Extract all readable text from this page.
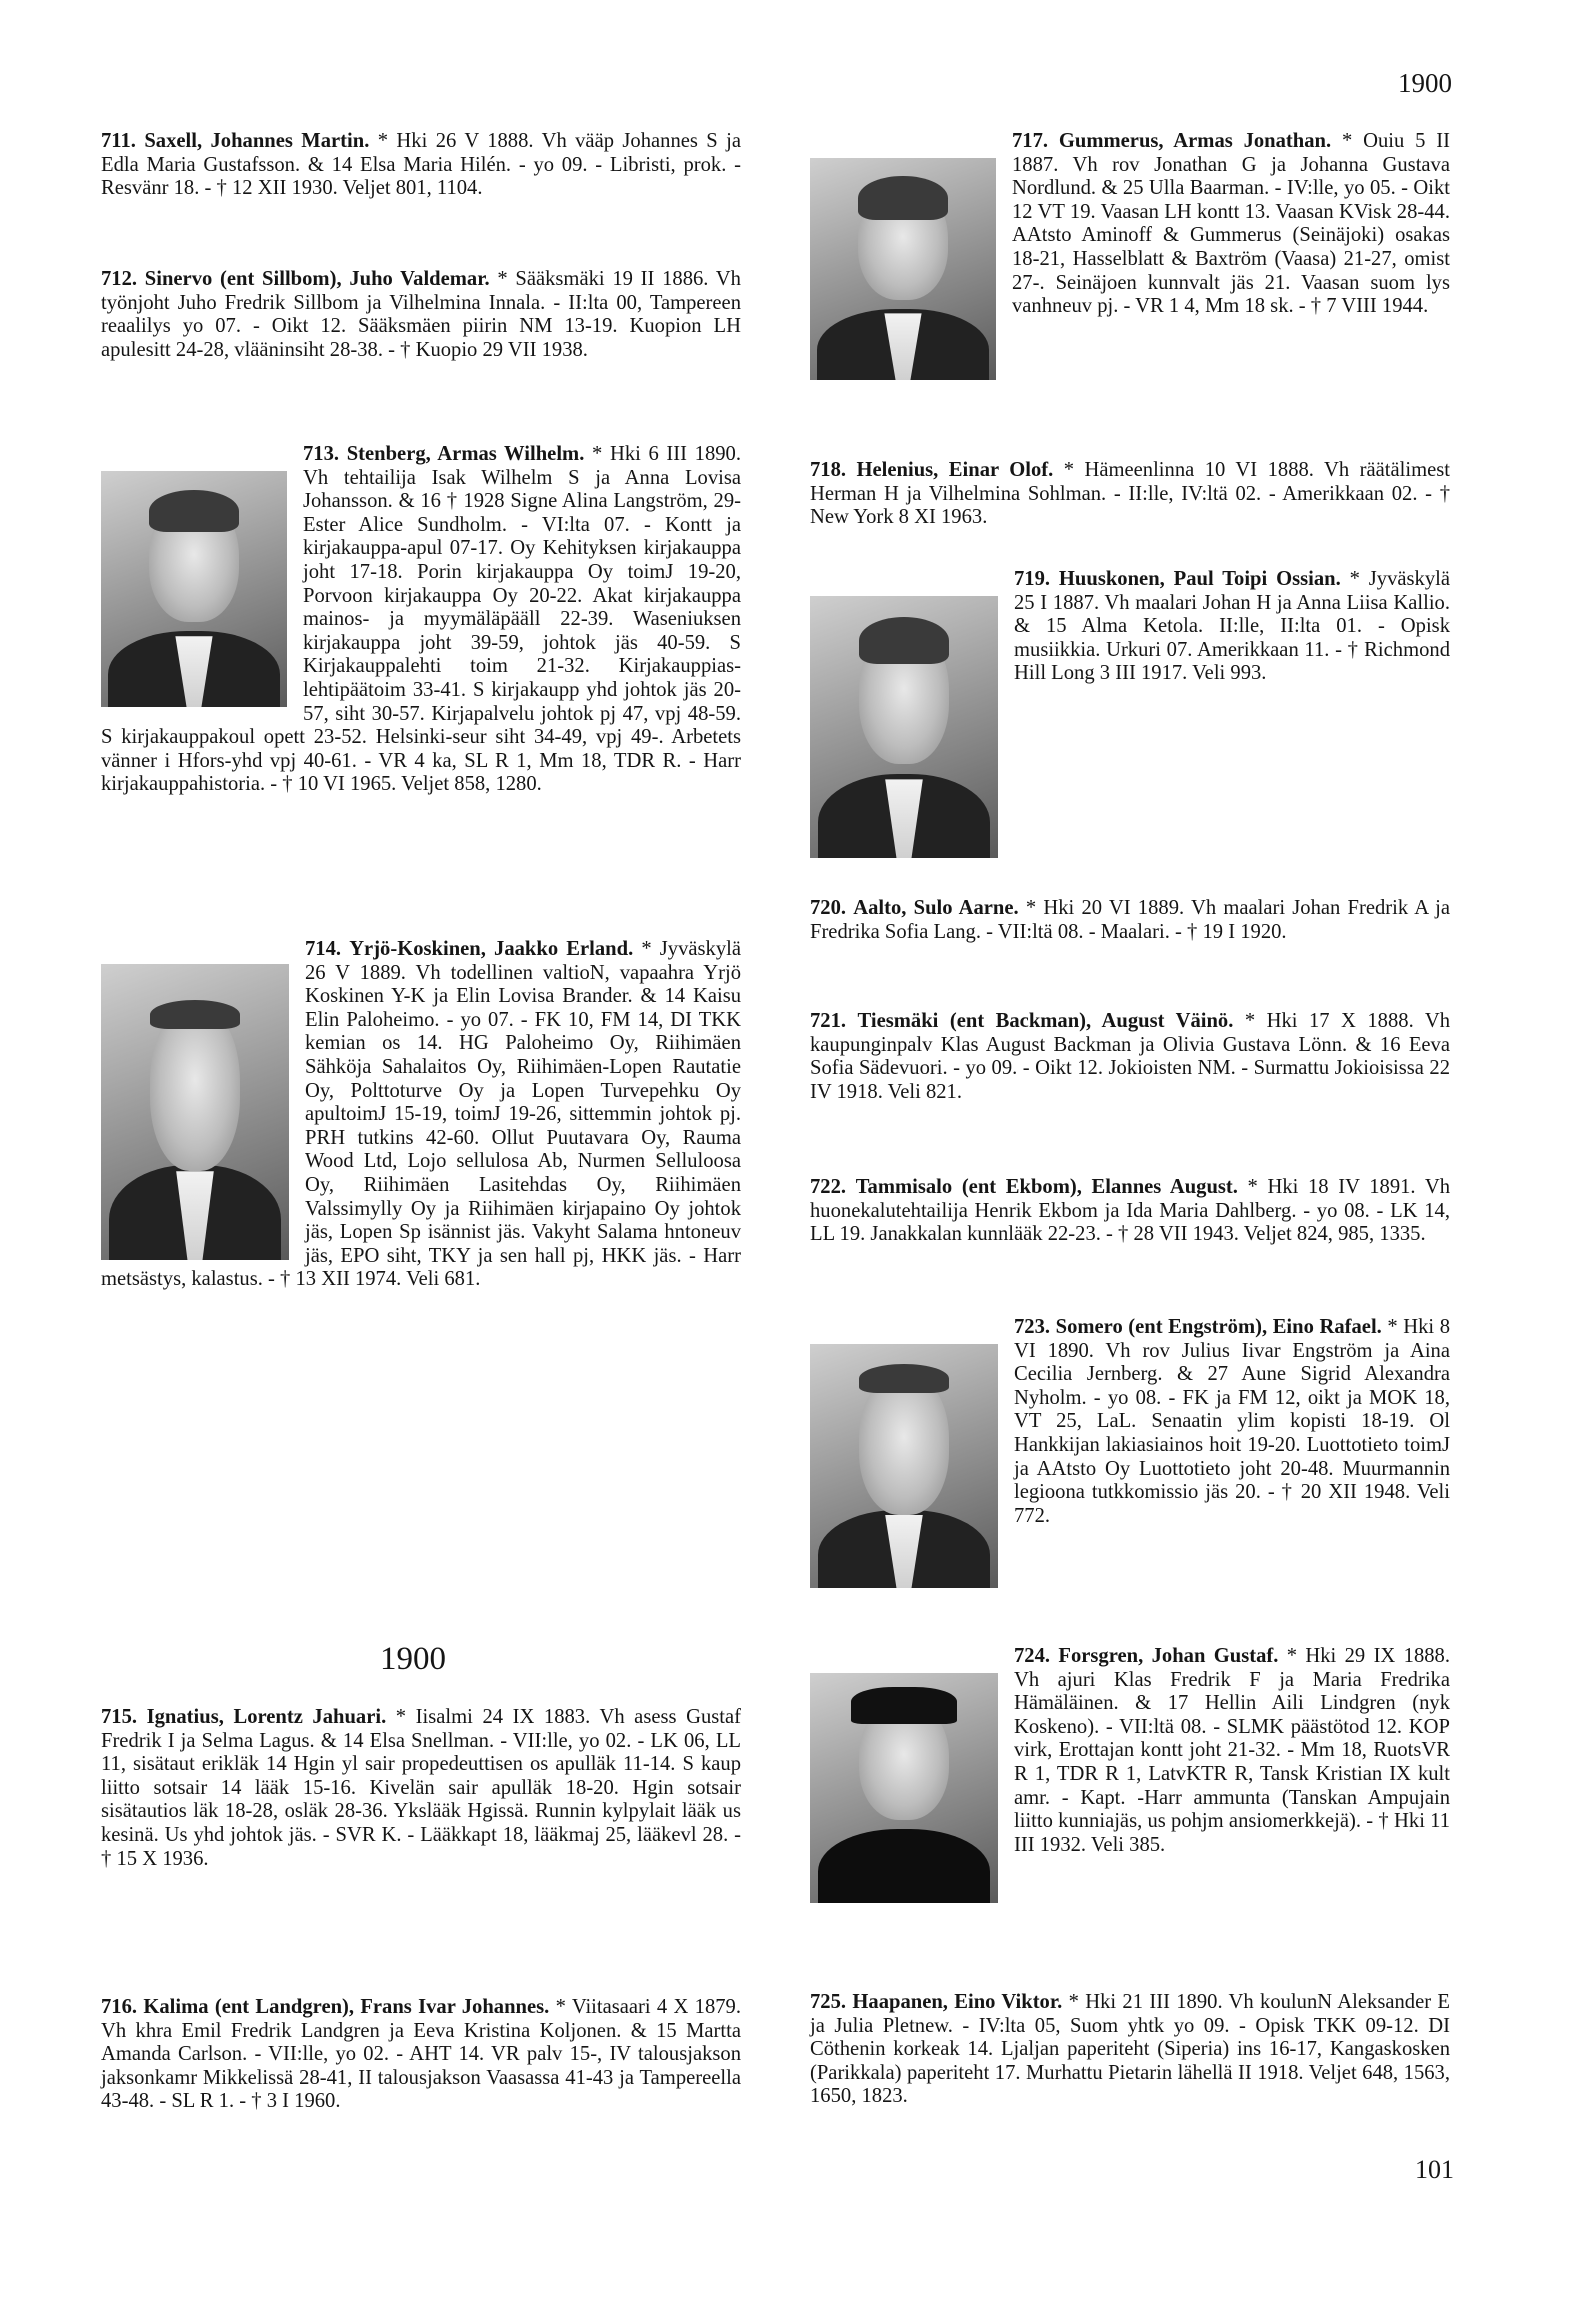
1900
711. Saxell, Johannes Martin. * Hki 26 V 1888. Vh vääp Johannes S ja Edla Maria Gustafsson. & 14 Elsa Maria Hilén. - yo 09. - Libristi, prok. - Resvänr 18. - † 12 XII 1930. Veljet 801, 1104.
712. Sinervo (ent Sillbom), Juho Valdemar. * Sääksmäki 19 II 1886. Vh työnjoht Juho Fredrik Sillbom ja Vilhelmina Innala. - II:lta 00, Tampereen reaalilys yo 07. - Oikt 12. Sääksmäen piirin NM 13-19. Kuopion LH apulesitt 24-28, vlääninsiht 28-38. - † Kuopio 29 VII 1938.
713. Stenberg, Armas Wilhelm. * Hki 6 III 1890. Vh tehtailija Isak Wilhelm S ja Anna Lovisa Johansson. & 16 † 1928 Signe Alina Langström, 29- Ester Alice Sundholm. - VI:lta 07. - Kontt ja kirjakauppa-apul 07-17. Oy Kehityksen kirjakauppa joht 17-18. Porin kirjakauppa Oy toimJ 19-20, Porvoon kirjakauppa Oy 20-22. Akat kirjakauppa mainos- ja myymäläpääll 22-39. Waseniuksen kirjakauppa joht 39-59, johtok jäs 40-59. S Kirjakauppalehti toim 21-32. Kirjakauppias-lehtipäätoim 33-41. S kirjakaupp yhd johtok jäs 20-57, siht 30-57. Kirjapalvelu johtok pj 47, vpj 48-59. S kirjakauppakoul opett 23-52. Helsinki-seur siht 34-49, vpj 49-. Arbetets vänner i Hfors-yhd vpj 40-61. - VR 4 ka, SL R 1, Mm 18, TDR R. - Harr kirjakauppahistoria. - † 10 VI 1965. Veljet 858, 1280.
714. Yrjö-Koskinen, Jaakko Erland. * Jyväskylä 26 V 1889. Vh todellinen valtioN, vapaahra Yrjö Koskinen Y-K ja Elin Lovisa Brander. & 14 Kaisu Elin Paloheimo. - yo 07. - FK 10, FM 14, DI TKK kemian os 14. HG Paloheimo Oy, Riihimäen Sähköja Sahalaitos Oy, Riihimäen-Lopen Rautatie Oy, Polttoturve Oy ja Lopen Turvepehku Oy apultoimJ 15-19, toimJ 19-26, sittemmin johtok pj. PRH tutkins 42-60. Ollut Puutavara Oy, Rauma Wood Ltd, Lojo sellulosa Ab, Nurmen Selluloosa Oy, Riihimäen Lasitehdas Oy, Riihimäen Valssimylly Oy ja Riihimäen kirjapaino Oy johtok jäs, Lopen Sp isännist jäs. Vakyht Salama hntoneuv jäs, EPO siht, TKY ja sen hall pj, HKK jäs. - Harr metsästys, kalastus. - † 13 XII 1974. Veli 681.
715. Ignatius, Lorentz Jahuari. * Iisalmi 24 IX 1883. Vh asess Gustaf Fredrik I ja Selma Lagus. & 14 Elsa Snellman. - VII:lle, yo 02. - LK 06, LL 11, sisätaut erikläk 14 Hgin yl sair propedeuttisen os apulläk 11-14. S kaup liitto sotsair 14 lääk 15-16. Kivelän sair apulläk 18-20. Hgin sotsair sisätautios läk 18-28, osläk 28-36. Ykslääk Hgissä. Runnin kylpylait lääk us kesinä. Us yhd johtok jäs. - SVR K. - Lääkkapt 18, lääkmaj 25, lääkevl 28. - † 15 X 1936.
716. Kalima (ent Landgren), Frans Ivar Johannes. * Viitasaari 4 X 1879. Vh khra Emil Fredrik Landgren ja Eeva Kristina Koljonen. & 15 Martta Amanda Carlson. - VII:lle, yo 02. - AHT 14. VR palv 15-, IV talousjakson jaksonkamr Mikkelissä 28-41, II talousjakson Vaasassa 41-43 ja Tampereella 43-48. - SL R 1. - † 3 I 1960.
1900
717. Gummerus, Armas Jonathan. * Ouiu 5 II 1887. Vh rov Jonathan G ja Johanna Gustava Nordlund. & 25 Ulla Baarman. - IV:lle, yo 05. - Oikt 12 VT 19. Vaasan LH kontt 13. Vaasan KVisk 28-44. AAtsto Aminoff & Gummerus (Seinäjoki) osakas 18-21, Hasselblatt & Baxtröm (Vaasa) 21-27, omist 27-. Seinäjoen kunnvalt jäs 21. Vaasan suom lys vanhneuv pj. - VR 1 4, Mm 18 sk. - † 7 VIII 1944.
718. Helenius, Einar Olof. * Hämeenlinna 10 VI 1888. Vh räätälimest Herman H ja Vilhelmina Sohlman. - II:lle, IV:ltä 02. - Amerikkaan 02. - † New York 8 XI 1963.
719. Huuskonen, Paul Toipi Ossian. * Jyväskylä 25 I 1887. Vh maalari Johan H ja Anna Liisa Kallio. & 15 Alma Ketola. II:lle, II:lta 01. - Opisk musiikkia. Urkuri 07. Amerikkaan 11. - † Richmond Hill Long 3 III 1917. Veli 993.
720. Aalto, Sulo Aarne. * Hki 20 VI 1889. Vh maalari Johan Fredrik A ja Fredrika Sofia Lang. - VII:ltä 08. - Maalari. - † 19 I 1920.
721. Tiesmäki (ent Backman), August Väinö. * Hki 17 X 1888. Vh kaupunginpalv Klas August Backman ja Olivia Gustava Lönn. & 16 Eeva Sofia Sädevuori. - yo 09. - Oikt 12. Jokioisten NM. - Surmattu Jokioisissa 22 IV 1918. Veli 821.
722. Tammisalo (ent Ekbom), Elannes August. * Hki 18 IV 1891. Vh huonekalutehtailija Henrik Ekbom ja Ida Maria Dahlberg. - yo 08. - LK 14, LL 19. Janakkalan kunnlääk 22-23. - † 28 VII 1943. Veljet 824, 985, 1335.
723. Somero (ent Engström), Eino Rafael. * Hki 8 VI 1890. Vh rov Julius Iivar Engström ja Aina Cecilia Jernberg. & 27 Aune Sigrid Alexandra Nyholm. - yo 08. - FK ja FM 12, oikt ja MOK 18, VT 25, LaL. Senaatin ylim kopisti 18-19. Ol Hankkijan lakiasiainos hoit 19-20. Luottotieto toimJ ja AAtsto Oy Luottotieto joht 20-48. Muurmannin legioona tutkkomissio jäs 20. - † 20 XII 1948. Veli 772.
724. Forsgren, Johan Gustaf. * Hki 29 IX 1888. Vh ajuri Klas Fredrik F ja Maria Fredrika Hämäläinen. & 17 Hellin Aili Lindgren (nyk Koskeno). - VII:ltä 08. - SLMK päästötod 12. KOP virk, Erottajan kontt joht 21-32. - Mm 18, RuotsVR R 1, TDR R 1, LatvKTR R, Tansk Kristian IX kult amr. - Kapt. -Harr ammunta (Tanskan Ampujain liitto kunniajäs, us pohjm ansiomerkkejä). - † Hki 11 III 1932. Veli 385.
725. Haapanen, Eino Viktor. * Hki 21 III 1890. Vh koulunN Aleksander E ja Julia Pletnew. - IV:lta 05, Suom yhtk yo 09. - Opisk TKK 09-12. DI Cöthenin korkeak 14. Ljaljan paperiteht (Siperia) ins 16-17, Kangaskosken (Parikkala) paperiteht 17. Murhattu Pietarin lähellä II 1918. Veljet 648, 1563, 1650, 1823.
101
